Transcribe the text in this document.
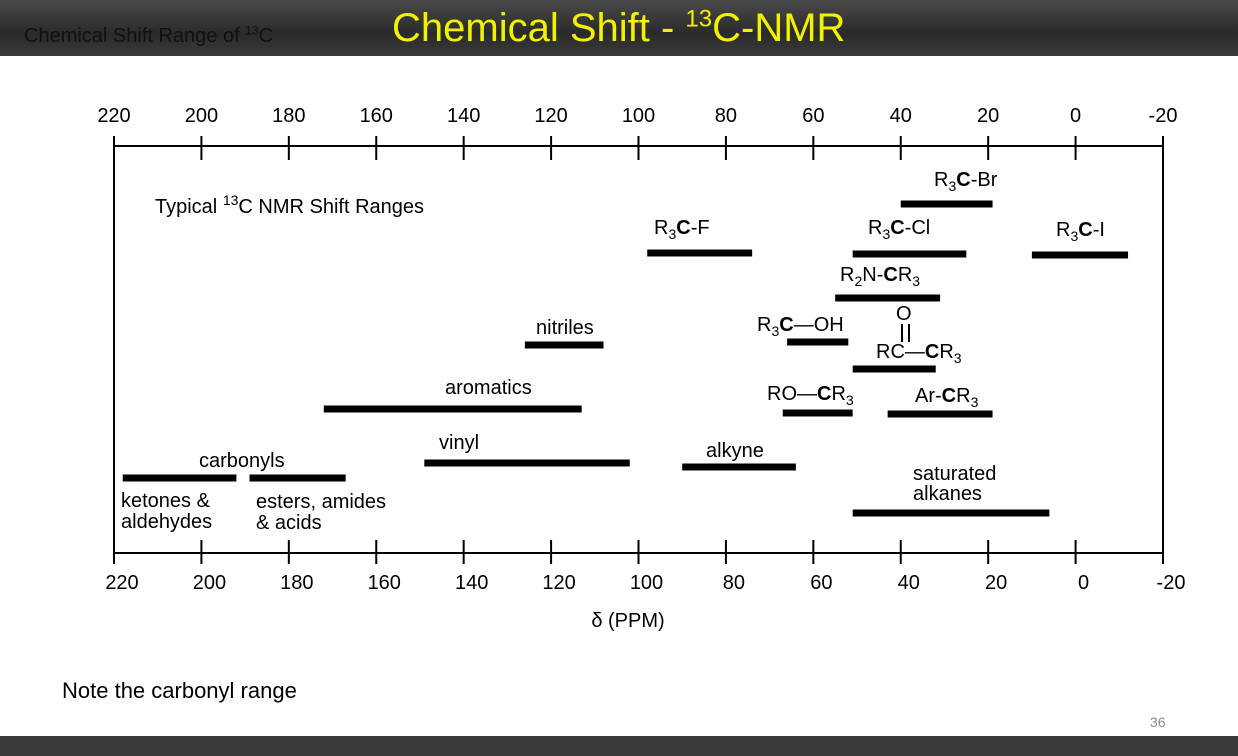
Chemical Shift Range of $^{13}$C	Chemical Shift - $^{13}$C-NMR
220	200	180	160	140	120	100	80	60	40	20	0	-20
220	200	180	160	140	120	100	80	60	40	20	0	-20
Typical $^{13}$C NMR Shift Ranges
$R_3C-Br$
$R_3C-F$	$R_3C-Cl$	$R_3C-I$
$R_2N-CR_3$
nitriles	$R_3C—OH$	O
$RC—CR_3$
aromatics	$RO—CR_3$	$Ar-CR_3$
vinyl	alkyne
carbonyls
saturated
alkanes
ketones &
aldehydes
esters, amides
& acids
δ (PPM)
Note the carbonyl range
36
